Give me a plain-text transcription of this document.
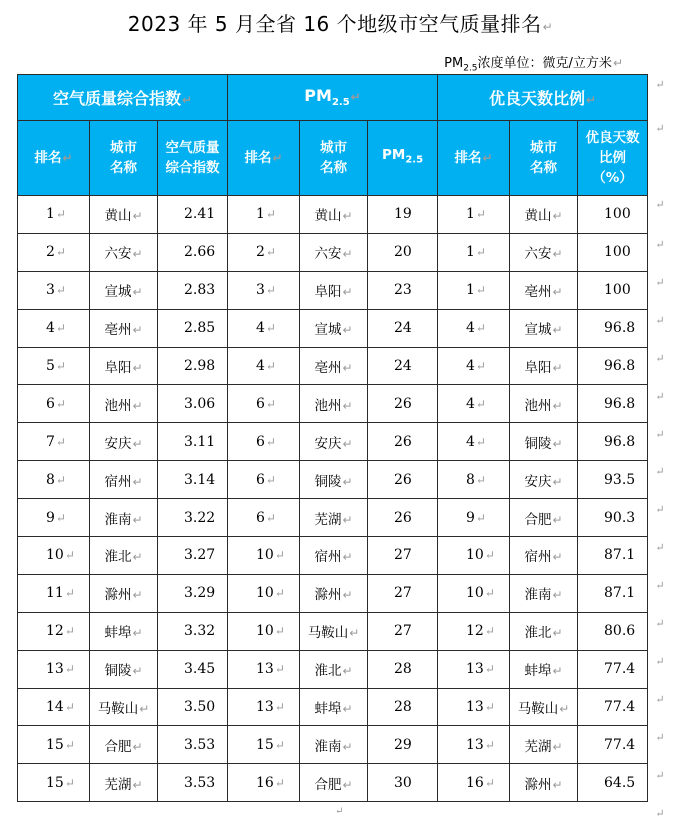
2023 年 5 月全省 16 个地级市空气质量排名↵
$PM_{2.5}$浓度单位：微克/立方米↵
空气质量综合指数↵			$PM_{2.5}↵$			优良天数比例↵		
排名↵	城市名称	空气质量综合指数	排名↵	城市名称	$PM_{2.5}$	排名↵	城市名称	优良天数比例（%）

1↵	黄山↵	2.41	1↵	黄山↵	19	1↵	黄山↵	100
2↵	六安↵	2.66	2↵	六安↵	20	1↵	六安↵	100
3↵	宣城↵	2.83	3↵	阜阳↵	23	1↵	亳州↵	100
4↵	亳州↵	2.85	4↵	宣城↵	24	4↵	宣城↵	96.8
5↵	阜阳↵	2.98	4↵	亳州↵	24	4↵	阜阳↵	96.8
6↵	池州↵	3.06	6↵	池州↵	26	4↵	池州↵	96.8
7↵	安庆↵	3.11	6↵	安庆↵	26	4↵	铜陵↵	96.8
8↵	宿州↵	3.14	6↵	铜陵↵	26	8↵	安庆↵	93.5
9↵	淮南↵	3.22	6↵	芜湖↵	26	9↵	合肥↵	90.3
10↵	淮北↵	3.27	10↵	宿州↵	27	10↵	宿州↵	87.1
11↵	滁州↵	3.29	10↵	滁州↵	27	10↵	淮南↵	87.1
12↵	蚌埠↵	3.32	10↵	马鞍山↵	27	12↵	淮北↵	80.6
13↵	铜陵↵	3.45	13↵	淮北↵	28	13↵	蚌埠↵	77.4
14↵	马鞍山↵	3.50	13↵	蚌埠↵	28	13↵	马鞍山↵	77.4
15↵	合肥↵	3.53	15↵	淮南↵	29	13↵	芜湖↵	77.4
15↵	芜湖↵	3.53	16↵	合肥↵	30	16↵	滁州↵	64.5
↵
↵
↵
↵
↵
↵
↵
↵
↵
↵
↵
↵
↵
↵
↵
↵
↵
↵
↵
↵
